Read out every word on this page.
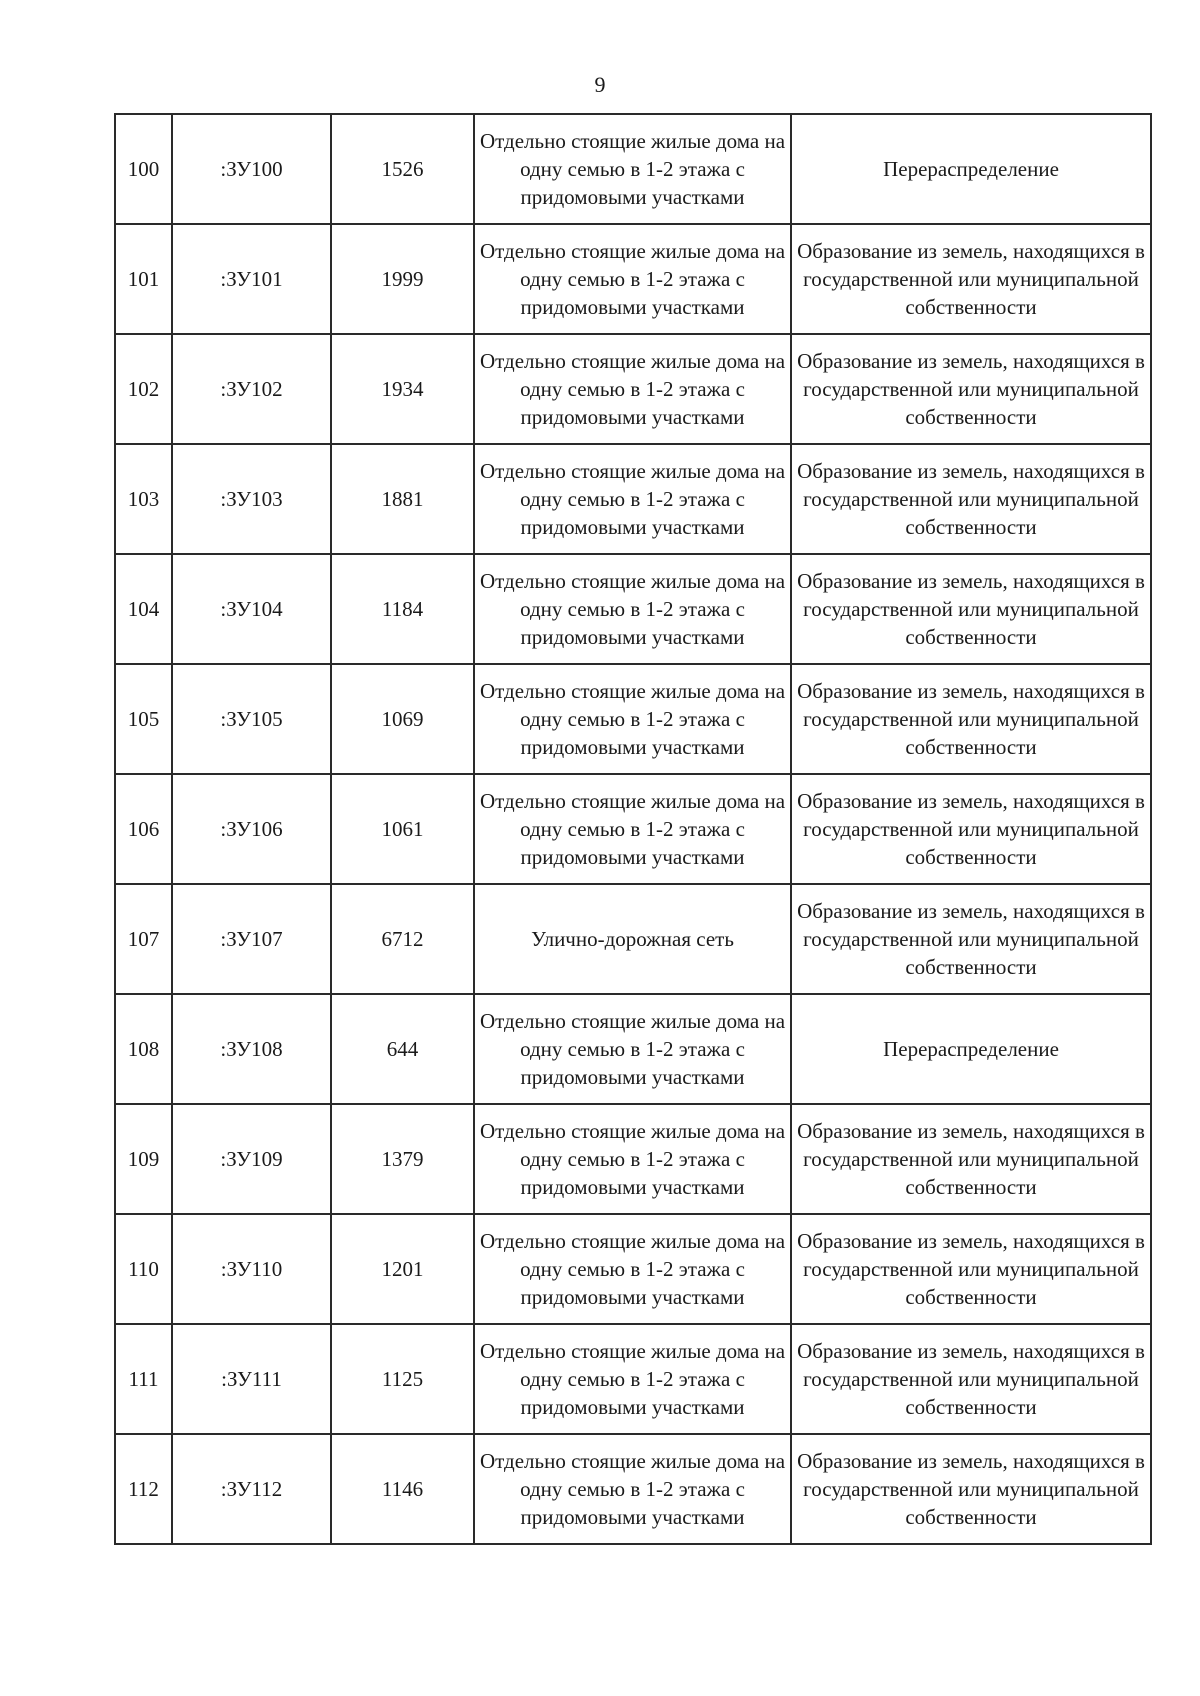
9
100	:ЗУ100	1526	Отдельно стоящие жилые дома на одну семью в 1-2 этажа с придомовыми участками	Перераспределение

101	:ЗУ101	1999	Отдельно стоящие жилые дома на одну семью в 1-2 этажа с придомовыми участками	Образование из земель, находящихся в государственной или муниципальной собственности

102	:ЗУ102	1934	Отдельно стоящие жилые дома на одну семью в 1-2 этажа с придомовыми участками	Образование из земель, находящихся в государственной или муниципальной собственности

103	:ЗУ103	1881	Отдельно стоящие жилые дома на одну семью в 1-2 этажа с придомовыми участками	Образование из земель, находящихся в государственной или муниципальной собственности

104	:ЗУ104	1184	Отдельно стоящие жилые дома на одну семью в 1-2 этажа с придомовыми участками	Образование из земель, находящихся в государственной или муниципальной собственности

105	:ЗУ105	1069	Отдельно стоящие жилые дома на одну семью в 1-2 этажа с придомовыми участками	Образование из земель, находящихся в государственной или муниципальной собственности

106	:ЗУ106	1061	Отдельно стоящие жилые дома на одну семью в 1-2 этажа с придомовыми участками	Образование из земель, находящихся в государственной или муниципальной собственности

107	:ЗУ107	6712	Улично-дорожная сеть	Образование из земель, находящихся в государственной или муниципальной собственности

108	:ЗУ108	644	Отдельно стоящие жилые дома на одну семью в 1-2 этажа с придомовыми участками	Перераспределение

109	:ЗУ109	1379	Отдельно стоящие жилые дома на одну семью в 1-2 этажа с придомовыми участками	Образование из земель, находящихся в государственной или муниципальной собственности

110	:ЗУ110	1201	Отдельно стоящие жилые дома на одну семью в 1-2 этажа с придомовыми участками	Образование из земель, находящихся в государственной или муниципальной собственности

111	:ЗУ111	1125	Отдельно стоящие жилые дома на одну семью в 1-2 этажа с придомовыми участками	Образование из земель, находящихся в государственной или муниципальной собственности

112	:ЗУ112	1146	Отдельно стоящие жилые дома на одну семью в 1-2 этажа с придомовыми участками	Образование из земель, находящихся в государственной или муниципальной собственности
